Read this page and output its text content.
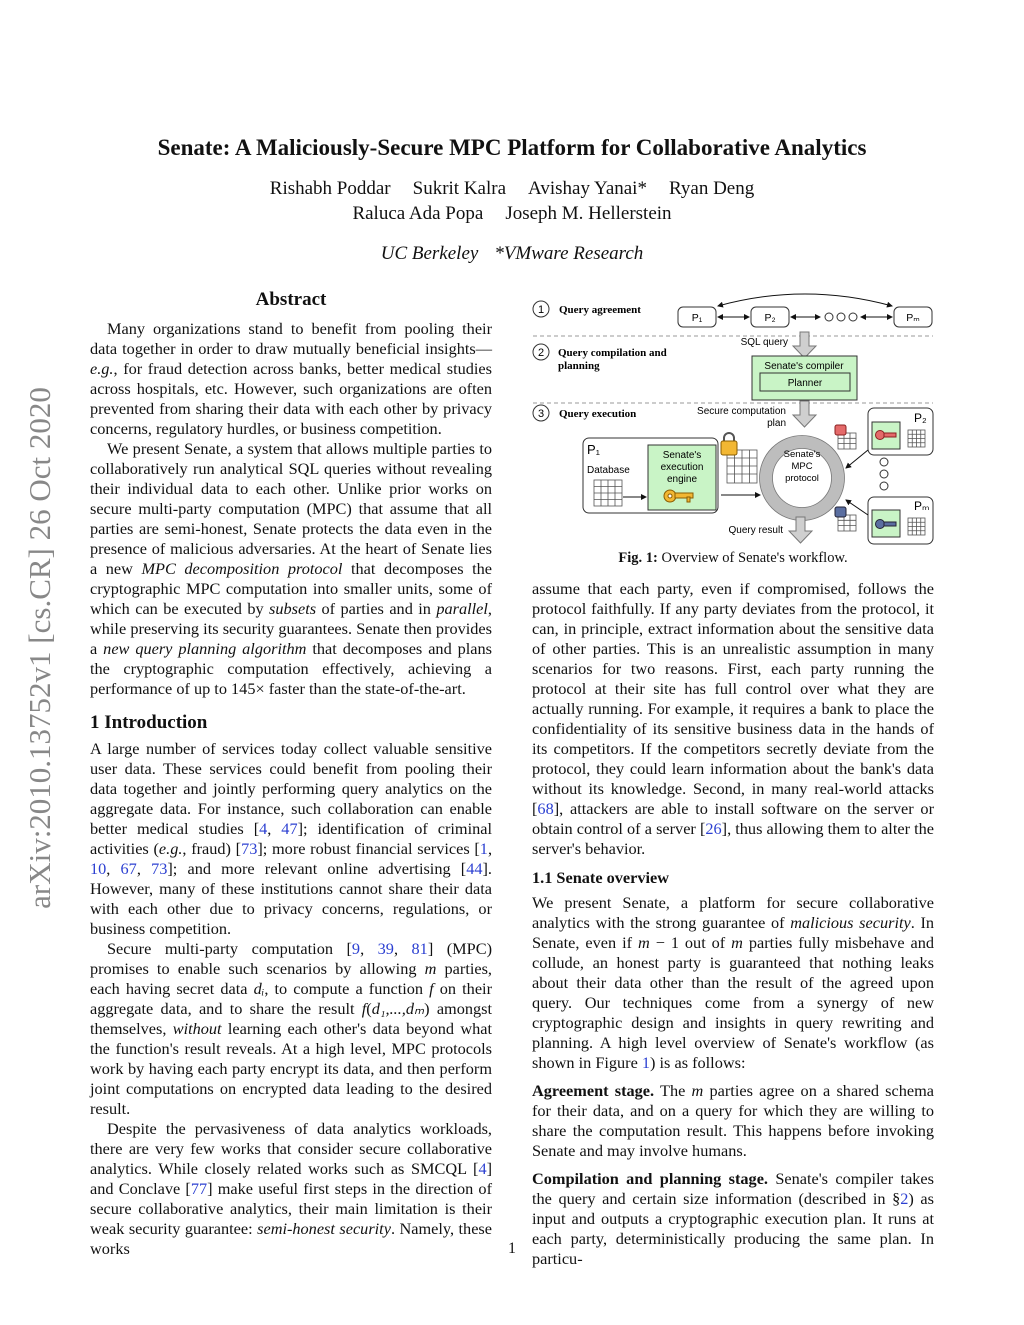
arXiv:2010.13752v1 [cs.CR] 26 Oct 2020
Senate: A Maliciously-Secure MPC Platform for Collaborative Analytics
Rishabh Poddar Sukrit Kalra Avishay Yanai* Ryan Deng
Raluca Ada Popa Joseph M. Hellerstein
UC Berkeley *VMware Research
Abstract

Many organizations stand to benefit from pooling their data together in order to draw mutually beneficial insights—e.g., for fraud detection across banks, better medical studies across hospitals, etc. However, such organizations are often prevented from sharing their data with each other by privacy concerns, regulatory hurdles, or business competition.

We present Senate, a system that allows multiple parties to collaboratively run analytical SQL queries without revealing their individual data to each other. Unlike prior works on secure multi-party computation (MPC) that assume that all parties are semi-honest, Senate protects the data even in the presence of malicious adversaries. At the heart of Senate lies a new MPC decomposition protocol that decomposes the cryptographic MPC computation into smaller units, some of which can be executed by subsets of parties and in parallel, while preserving its security guarantees. Senate then provides a new query planning algorithm that decomposes and plans the cryptographic computation effectively, achieving a performance of up to 145× faster than the state-of-the-art.

1 Introduction

A large number of services today collect valuable sensitive user data. These services could benefit from pooling their data together and jointly performing query analytics on the aggregate data. For instance, such collaboration can enable better medical studies [4, 47]; identification of criminal activities (e.g., fraud) [73]; more robust financial services [1, 10, 67, 73]; and more relevant online advertising [44]. However, many of these institutions cannot share their data with each other due to privacy concerns, regulations, or business competition.

Secure multi-party computation [9, 39, 81] (MPC) promises to enable such scenarios by allowing m parties, each having secret data dᵢ, to compute a function f on their aggregate data, and to share the result f(d₁,...,dₘ) amongst themselves, without learning each other's data beyond what the function's result reveals. At a high level, MPC protocols work by having each party encrypt its data, and then perform joint computations on encrypted data leading to the desired result.

Despite the pervasiveness of data analytics workloads, there are very few works that consider secure collaborative analytics. While closely related works such as SMCQL [4] and Conclave [77] make useful first steps in the direction of secure collaborative analytics, their main limitation is their weak security guarantee: semi-honest security. Namely, these works

1 Query agreement
2 Query compilation and
planning
3 Query execution
P₁	P₂	Pₘ
SQL query
Senate's compiler
Planner
Secure computation
plan
P₁
Database
Senate's
execution
engine
Senate's
MPC
protocol
P₂
Pₘ
Query result
Fig. 1: Overview of Senate's workflow.

assume that each party, even if compromised, follows the protocol faithfully. If any party deviates from the protocol, it can, in principle, extract information about the sensitive data of other parties. This is an unrealistic assumption in many scenarios for two reasons. First, each party running the protocol at their site has full control over what they are actually running. For example, it requires a bank to place the confidentiality of its sensitive business data in the hands of its competitors. If the competitors secretly deviate from the protocol, they could learn information about the bank's data without its knowledge. Second, in many real-world attacks [68], attackers are able to install software on the server or obtain control of a server [26], thus allowing them to alter the server's behavior.

1.1 Senate overview

We present Senate, a platform for secure collaborative analytics with the strong guarantee of malicious security. In Senate, even if m − 1 out of m parties fully misbehave and collude, an honest party is guaranteed that nothing leaks about their data other than the result of the agreed upon query. Our techniques come from a synergy of new cryptographic design and insights in query rewriting and planning. A high level overview of Senate's workflow (as shown in Figure 1) is as follows:

Agreement stage. The m parties agree on a shared schema for their data, and on a query for which they are willing to share the computation result. This happens before invoking Senate and may involve humans.

Compilation and planning stage. Senate's compiler takes the query and certain size information (described in §2) as input and outputs a cryptographic execution plan. It runs at each party, deterministically producing the same plan. In particu-

1
